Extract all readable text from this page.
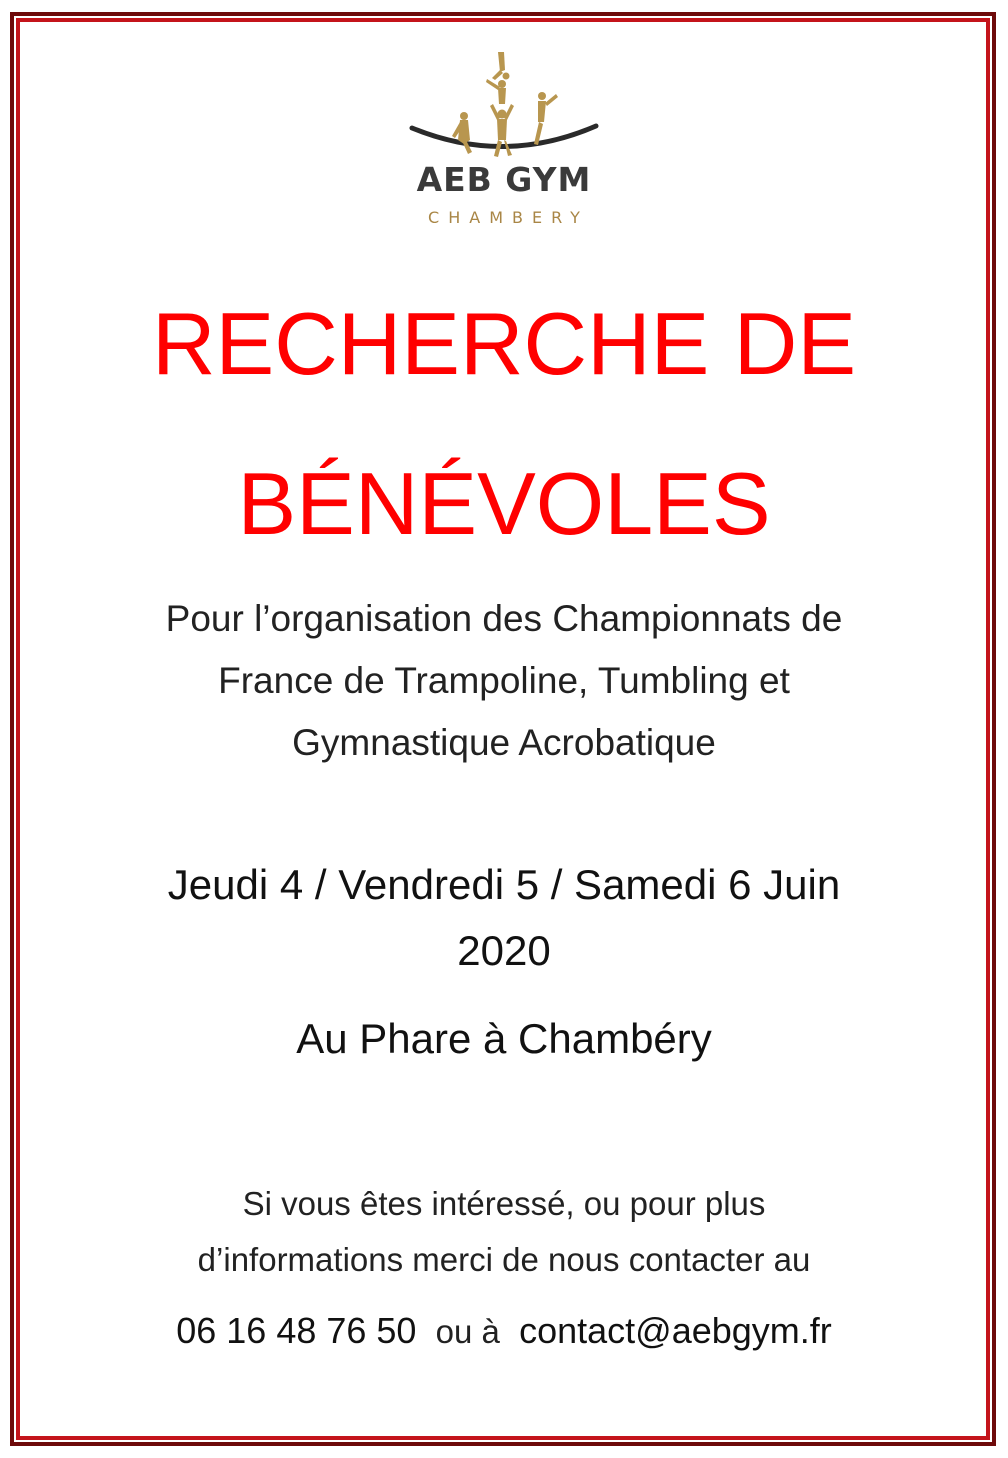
AEB GYM
CHAMBERY
RECHERCHE DE
BÉNÉVOLES
Pour l’organisation des Championnats de
France de Trampoline, Tumbling et
Gymnastique Acrobatique
Jeudi 4 / Vendredi 5 / Samedi 6 Juin
2020
Au Phare à Chambéry
Si vous êtes intéressé, ou pour plus
d’informations merci de nous contacter au
06 16 48 76 50  ou à  contact@aebgym.fr
